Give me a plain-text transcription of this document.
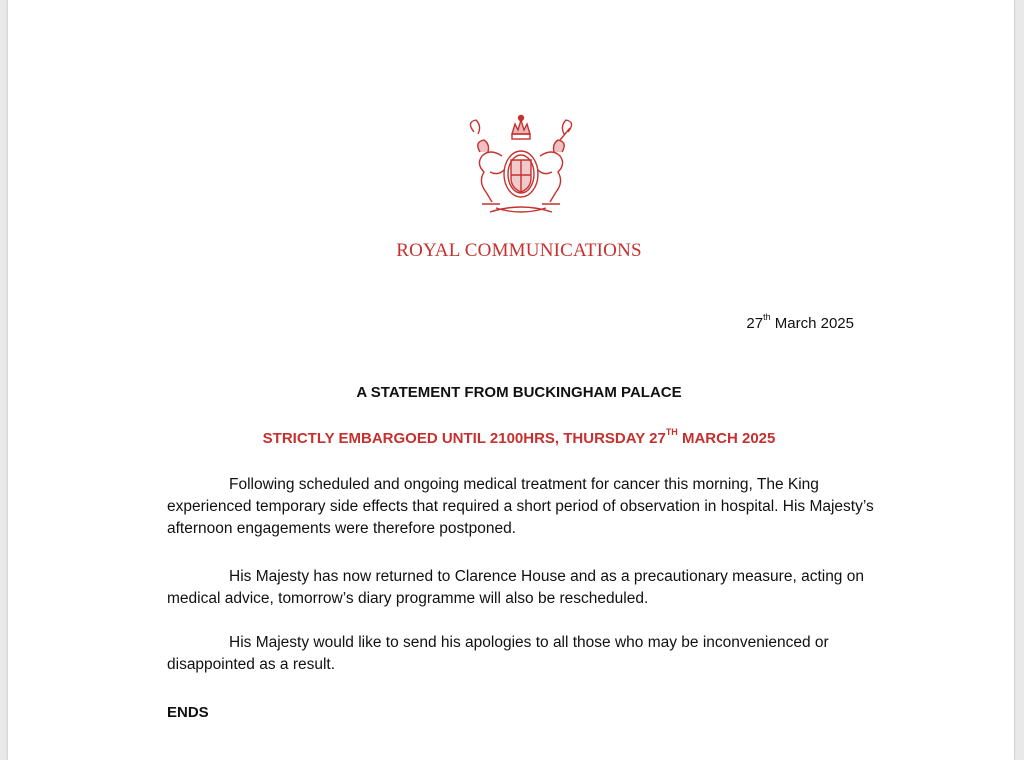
ROYAL COMMUNICATIONS

27th March 2025

A STATEMENT FROM BUCKINGHAM PALACE

STRICTLY EMBARGOED UNTIL 2100HRS, THURSDAY 27TH MARCH 2025

Following scheduled and ongoing medical treatment for cancer this morning, The King experienced temporary side effects that required a short period of observation in hospital. His Majesty’s afternoon engagements were therefore postponed.

His Majesty has now returned to Clarence House and as a precautionary measure, acting on medical advice, tomorrow’s diary programme will also be rescheduled.

His Majesty would like to send his apologies to all those who may be inconvenienced or disappointed as a result.

ENDS
